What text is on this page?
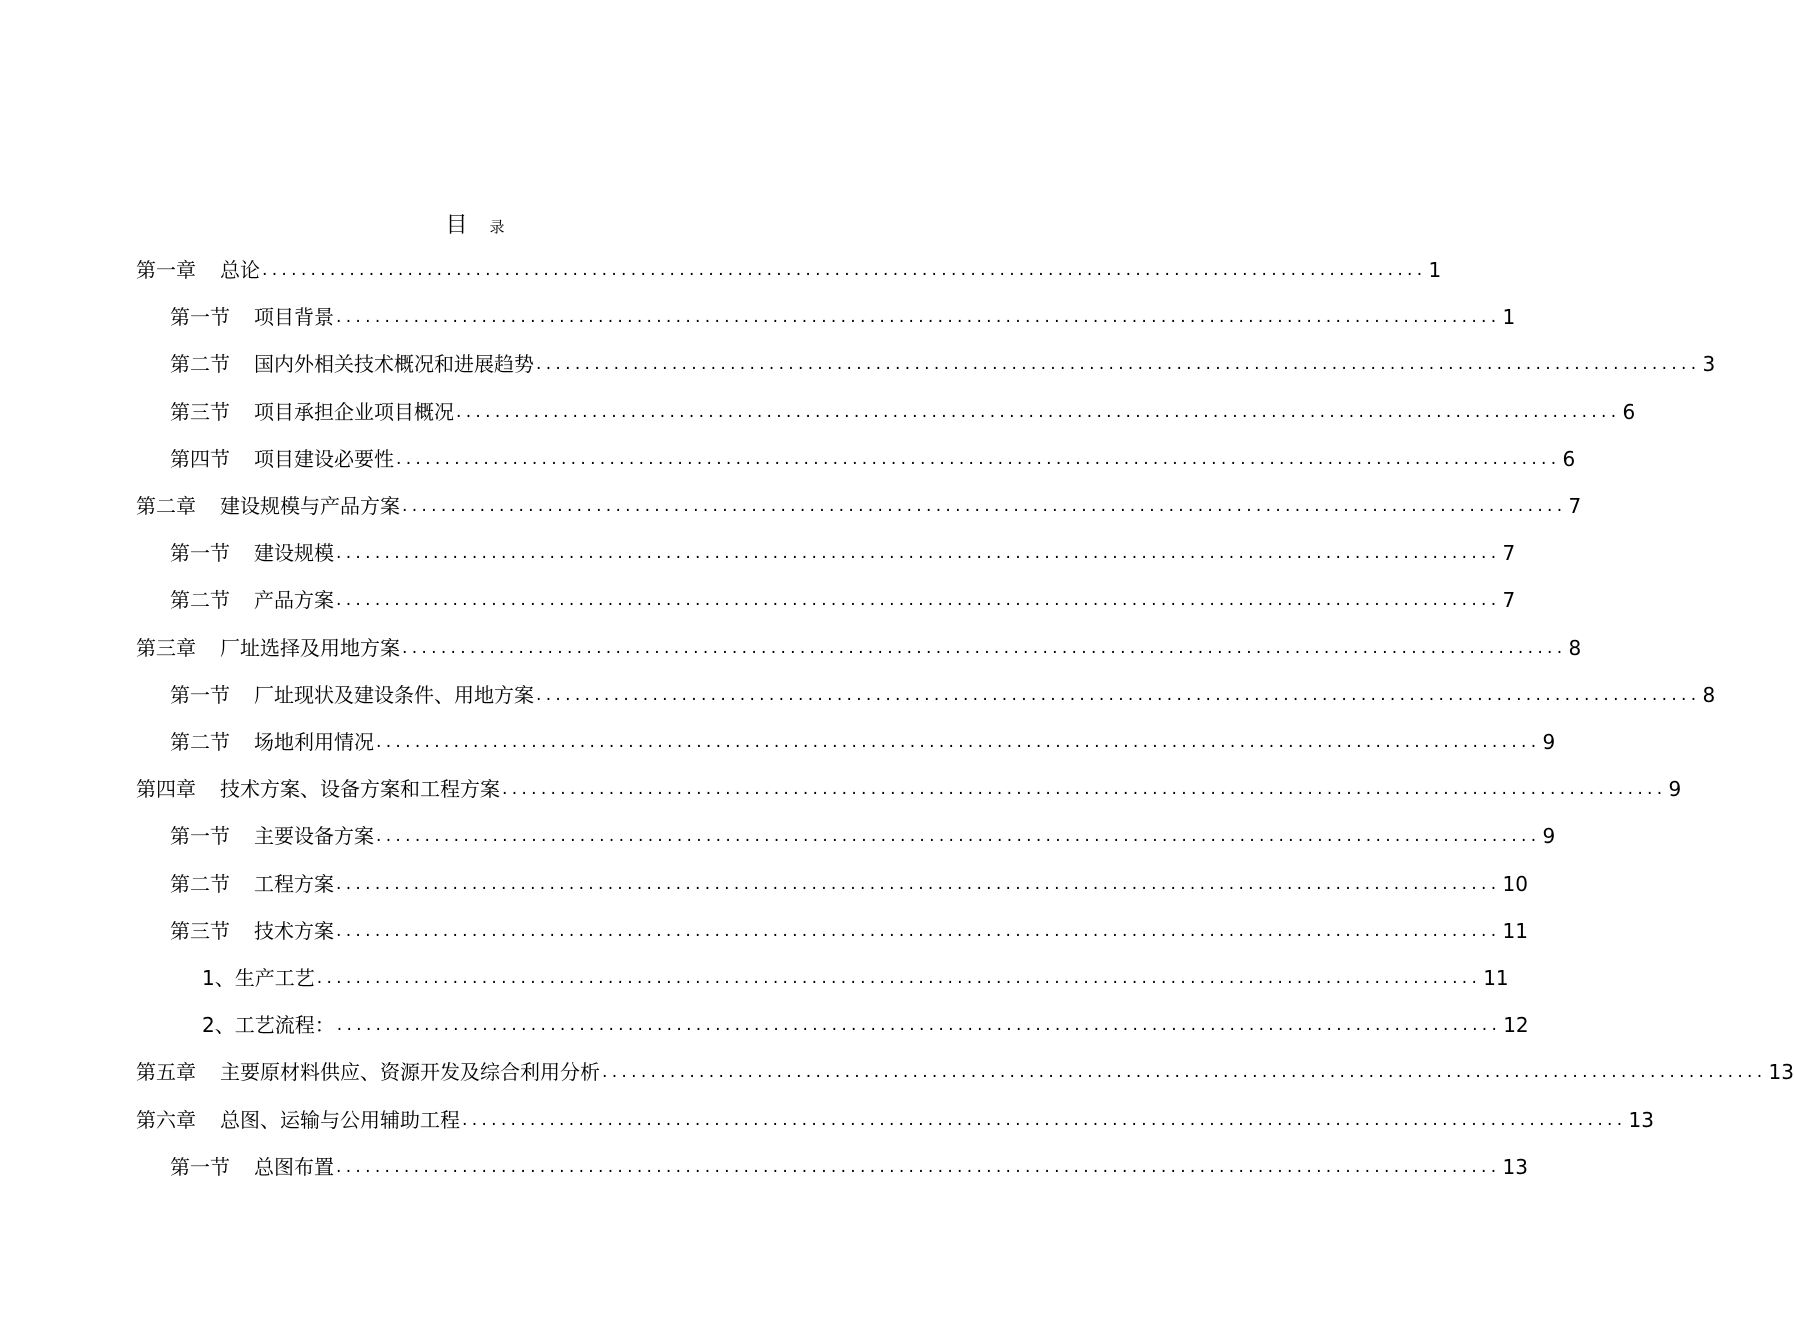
目 录
第一章 总论 ........................................................................................................................ 1
第一节 项目背景 ........................................................................................................................ 1
第二节 国内外相关技术概况和进展趋势 ........................................................................................................................ 3
第三节 项目承担企业项目概况 ........................................................................................................................ 6
第四节 项目建设必要性 ........................................................................................................................ 6
第二章 建设规模与产品方案 ........................................................................................................................ 7
第一节 建设规模 ........................................................................................................................ 7
第二节 产品方案 ........................................................................................................................ 7
第三章 厂址选择及用地方案 ........................................................................................................................ 8
第一节 厂址现状及建设条件、用地方案 ........................................................................................................................ 8
第二节 场地利用情况 ........................................................................................................................ 9
第四章 技术方案、设备方案和工程方案 ........................................................................................................................ 9
第一节 主要设备方案 ........................................................................................................................ 9
第二节 工程方案 ........................................................................................................................ 10
第三节 技术方案 ........................................................................................................................ 11
1、生产工艺 ........................................................................................................................ 11
2、工艺流程： ........................................................................................................................ 12
第五章 主要原材料供应、资源开发及综合利用分析 ........................................................................................................................ 13
第六章 总图、运输与公用辅助工程 ........................................................................................................................ 13
第一节 总图布置 ........................................................................................................................ 13
